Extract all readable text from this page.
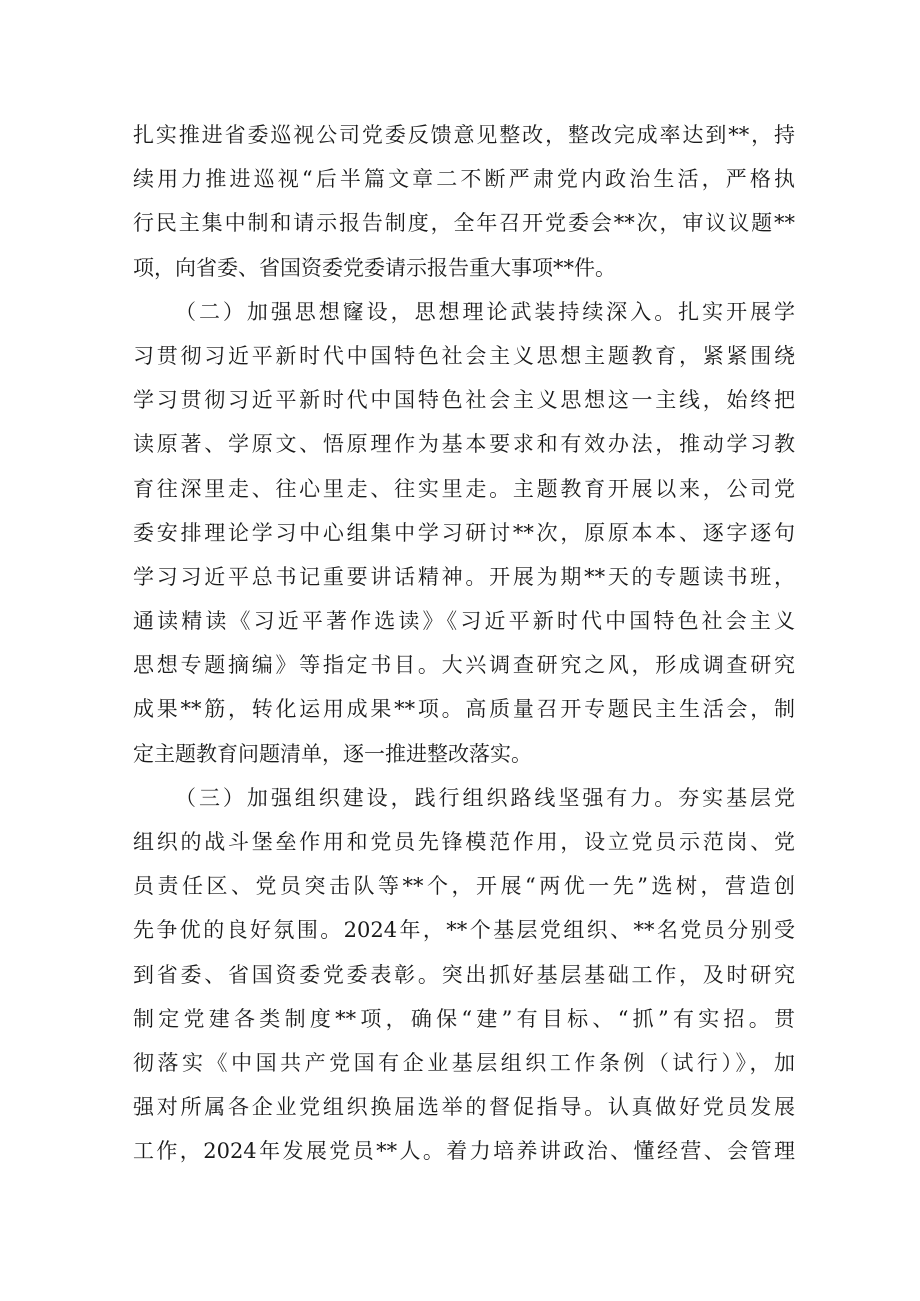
扎实推进省委巡视公司党委反馈意见整改，整改完成率达到**，持
续用力推进巡视“后半篇文章二不断严肃党内政治生活，严格执
行民主集中制和请示报告制度，全年召开党委会**次，审议议题**
项，向省委、省国资委党委请示报告重大事项**件。
（二）加强思想窿设，思想理论武装持续深入。扎实开展学
习贯彻习近平新时代中国特色社会主义思想主题教育，紧紧围绕
学习贯彻习近平新时代中国特色社会主义思想这一主线，始终把
读原著、学原文、悟原理作为基本要求和有效办法，推动学习教
育往深里走、往心里走、往实里走。主题教育开展以来，公司党
委安排理论学习中心组集中学习研讨**次，原原本本、逐字逐句
学习习近平总书记重要讲话精神。开展为期**天的专题读书班，
通读精读《习近平著作选读》《习近平新时代中国特色社会主义
思想专题摘编》等指定书目。大兴调查研究之风，形成调查研究
成果**筋，转化运用成果**项。高质量召开专题民主生活会，制
定主题教育问题清单，逐一推进整改落实。
（三）加强组织建设，践行组织路线坚强有力。夯实基层党
组织的战斗堡垒作用和党员先锋模范作用，设立党员示范岗、党
员责任区、党员突击队等**个，开展“两优一先”选树，营造创
先争优的良好氛围。2024年，**个基层党组织、**名党员分别受
到省委、省国资委党委表彰。突出抓好基层基础工作，及时研究
制定党建各类制度**项，确保“建”有目标、“抓”有实招。贯
彻落实《中国共产党国有企业基层组织工作条例（试行）》，加
强对所属各企业党组织换届选举的督促指导。认真做好党员发展
工作，2024年发展党员**人。着力培养讲政治、懂经营、会管理
